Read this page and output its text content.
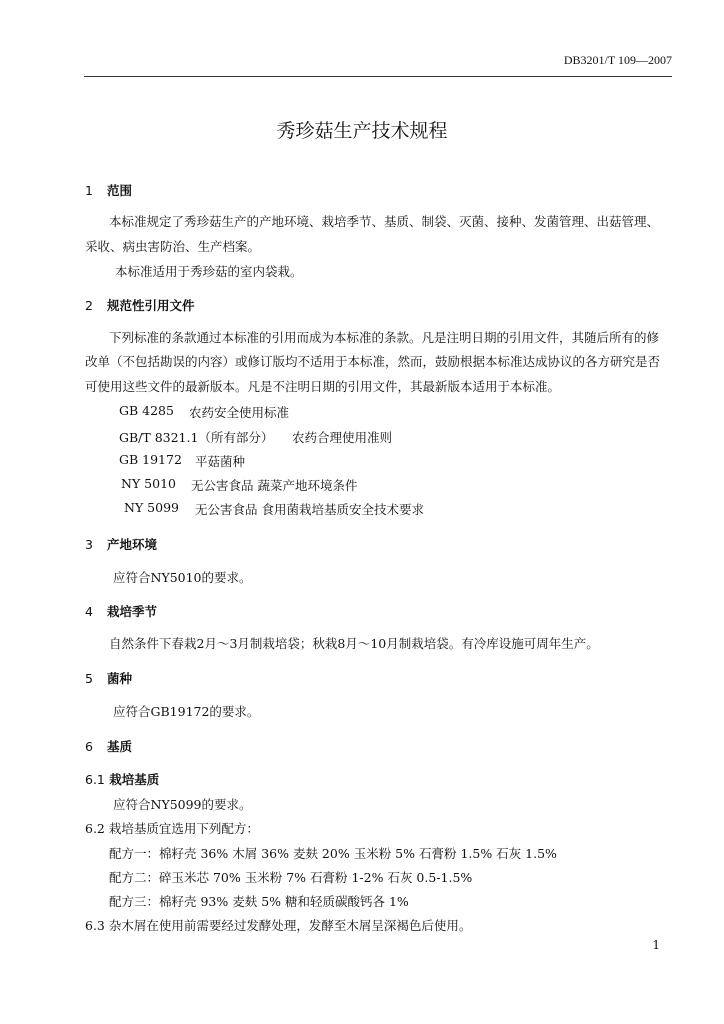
DB3201/T 109—2007
秀珍菇生产技术规程
1 范围
本标准规定了秀珍菇生产的产地环境、栽培季节、基质、制袋、灭菌、接种、发菌管理、出菇管理、
采收、病虫害防治、生产档案。
本标准适用于秀珍菇的室内袋栽。
2 规范性引用文件
下列标准的条款通过本标准的引用而成为本标准的条款。凡是注明日期的引用文件，其随后所有的修
改单（不包括勘误的内容）或修订版均不适用于本标准，然而，鼓励根据本标准达成协议的各方研究是否
可使用这些文件的最新版本。凡是不注明日期的引用文件，其最新版本适用于本标准。
GB 4285 农药安全使用标准
GB/T 8321.1（所有部分） 农药合理使用准则
GB 19172 平菇菌种
NY 5010 无公害食品 蔬菜产地环境条件
NY 5099 无公害食品 食用菌栽培基质安全技术要求
3 产地环境
应符合NY5010的要求。
4 栽培季节
自然条件下春栽2月～3月制栽培袋；秋栽8月～10月制栽培袋。有冷库设施可周年生产。
5 菌种
应符合GB19172的要求。
6 基质
6.1 栽培基质
应符合NY5099的要求。
6.2 栽培基质宜选用下列配方：
配方一：棉籽壳 36% 木屑 36% 麦麸 20% 玉米粉 5% 石膏粉 1.5% 石灰 1.5%
配方二：碎玉米芯 70% 玉米粉 7% 石膏粉 1-2% 石灰 0.5-1.5%
配方三：棉籽壳 93% 麦麸 5% 糖和轻质碳酸钙各 1%
6.3 杂木屑在使用前需要经过发酵处理，发酵至木屑呈深褐色后使用。
1
